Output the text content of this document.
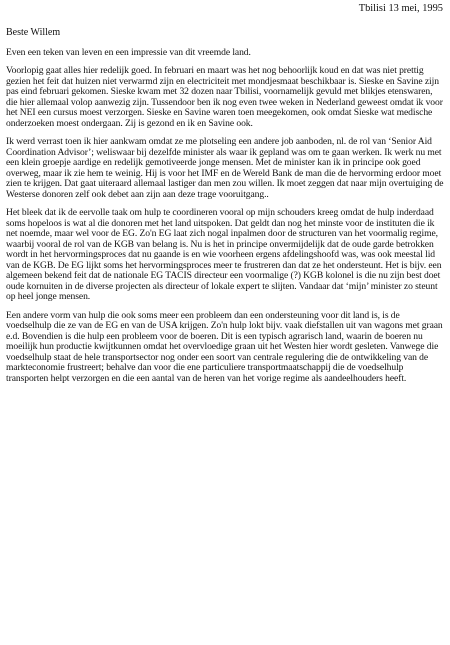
Tbilisi 13 mei, 1995
Beste Willem

Even een teken van leven en een impressie van dit vreemde land.

Voorlopig gaat alles hier redelijk goed. In februari en maart was het nog behoorlijk koud en dat was niet prettig gezien het feit dat huizen niet verwarmd zijn en electriciteit met mondjesmaat beschikbaar is. Sieske en Savine zijn pas eind februari gekomen. Sieske kwam met 32 dozen naar Tbilisi, voornamelijk gevuld met blikjes etenswaren, die hier allemaal volop aanwezig zijn. Tussendoor ben ik nog even twee weken in Nederland geweest omdat ik voor het NEI een cursus moest verzorgen. Sieske en Savine waren toen meegekomen, ook omdat Sieske wat medische onderzoeken moest ondergaan. Zij is gezond en ik en Savine ook.

Ik werd verrast toen ik hier aankwam omdat ze me plotseling een andere job aanboden, nl. de rol van ‘Senior Aid Coordination Advisor’; weliswaar bij dezelfde minister als waar ik gepland was om te gaan werken. Ik werk nu met een klein groepje aardige en redelijk gemotiveerde jonge mensen. Met de minister kan ik in principe ook goed overweg, maar ik zie hem te weinig. Hij is voor het IMF en de Wereld Bank de man die de hervorming erdoor moet zien te krijgen. Dat gaat uiteraard allemaal lastiger dan men zou willen. Ik moet zeggen dat naar mijn overtuiging de Westerse donoren zelf ook debet aan zijn aan deze trage vooruitgang..

Het bleek dat ik de eervolle taak om hulp te coordineren vooral op mijn schouders kreeg omdat de hulp inderdaad soms hopeloos is wat al die donoren met het land uitspoken. Dat geldt dan nog het minste voor de instituten die ik net noemde, maar wel voor de EG. Zo'n EG laat zich nogal inpalmen door de structuren van het voormalig regime, waarbij vooral de rol van de KGB van belang is. Nu is het in principe onvermijdelijk dat de oude garde betrokken wordt in het hervormingsproces dat nu gaande is en wie voorheen ergens afdelingshoofd was, was ook meestal lid van de KGB. De EG lijkt soms het hervormingsproces meer te frustreren dan dat ze het ondersteunt. Het is bijv. een algemeen bekend feit dat de nationale EG TACIS directeur een voormalige (?) KGB kolonel is die nu zijn best doet oude kornuiten in de diverse projecten als directeur of lokale expert te slijten. Vandaar dat ‘mijn’ minister zo steunt op heel jonge mensen.

Een andere vorm van hulp die ook soms meer een probleem dan een ondersteuning voor dit land is, is de voedselhulp die ze van de EG en van de USA krijgen. Zo'n hulp lokt bijv. vaak diefstallen uit van wagons met graan e.d. Bovendien is die hulp een probleem voor de boeren. Dit is een typisch agrarisch land, waarin de boeren nu moeilijk hun productie kwijtkunnen omdat het overvloedige graan uit het Westen hier wordt gesleten. Vanwege die voedselhulp staat de hele transportsector nog onder een soort van centrale regulering die de ontwikkeling van de markteconomie frustreert; behalve dan voor die ene particuliere transportmaatschappij die de voedselhulp transporten helpt verzorgen en die een aantal van de heren van het vorige regime als aandeelhouders heeft.
